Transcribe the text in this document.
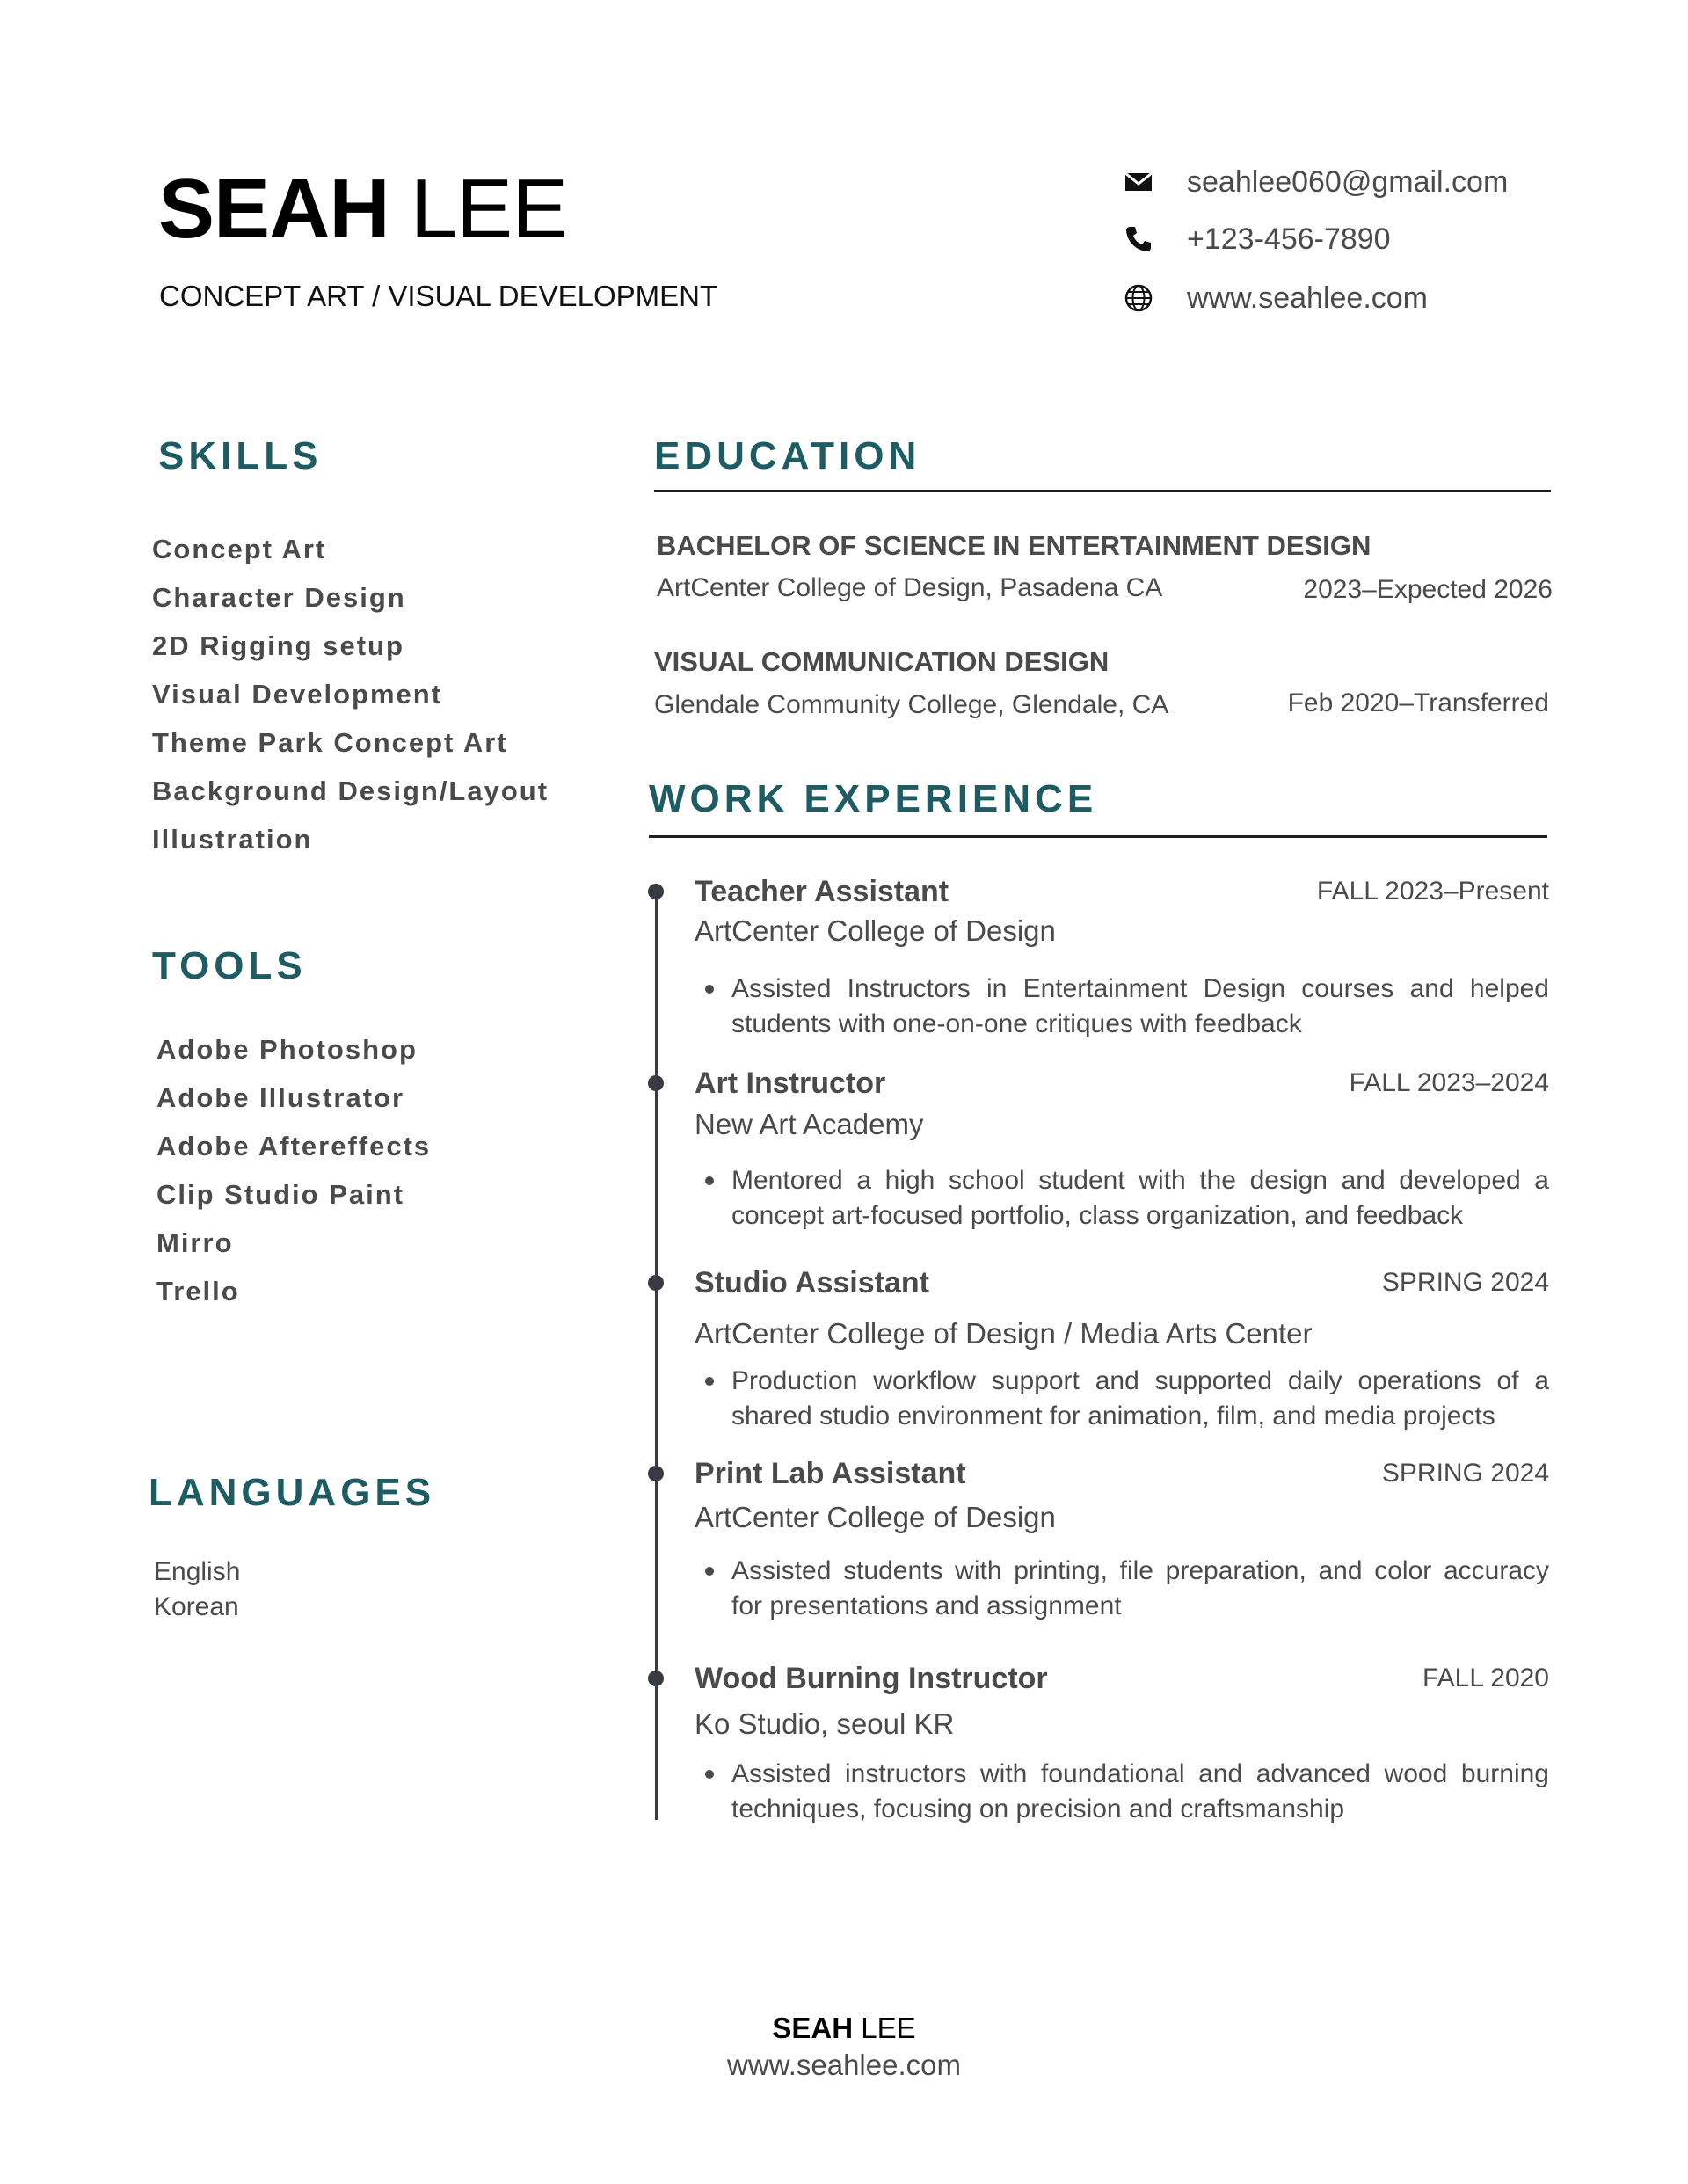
SEAH LEE
CONCEPT ART / VISUAL DEVELOPMENT
seahlee060@gmail.com
+123-456-7890
www.seahlee.com
SKILLS
Concept Art
Character Design
2D Rigging setup
Visual Development
Theme Park Concept Art
Background Design/Layout
Illustration
TOOLS
Adobe Photoshop
Adobe Illustrator
Adobe Aftereffects
Clip Studio Paint
Mirro
Trello
LANGUAGES
English
Korean
EDUCATION
BACHELOR OF SCIENCE IN ENTERTAINMENT DESIGN
ArtCenter College of Design, Pasadena CA	2023–Expected 2026
VISUAL COMMUNICATION DESIGN
Glendale Community College, Glendale, CA	Feb 2020–Transferred
WORK EXPERIENCE
Teacher Assistant	FALL 2023–Present
ArtCenter College of Design
Assisted Instructors in Entertainment Design courses and helped students with one-on-one critiques with feedback
Art Instructor	FALL 2023–2024
New Art Academy
Mentored a high school student with the design and developed a concept art-focused portfolio, class organization, and feedback
Studio Assistant	SPRING 2024
ArtCenter College of Design / Media Arts Center
Production workflow support and supported daily operations of a shared studio environment for animation, film, and media projects
Print Lab Assistant	SPRING 2024
ArtCenter College of Design
Assisted students with printing, file preparation, and color accuracy for presentations and assignment
Wood Burning Instructor	FALL 2020
Ko Studio, seoul KR
Assisted instructors with foundational and advanced wood burning techniques, focusing on precision and craftsmanship
SEAH LEE
www.seahlee.com
